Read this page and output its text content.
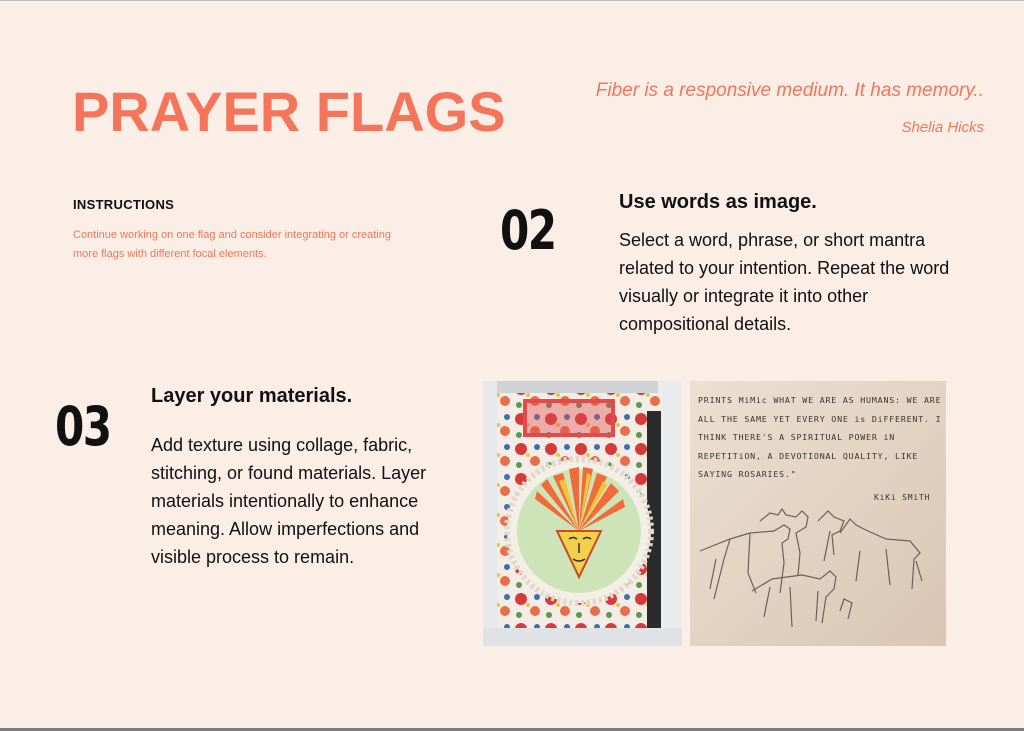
PRAYER FLAGS	Fiber is a responsive medium. It has memory..
Shelia Hicks
INSTRUCTIONS
Continue working on one flag and consider integrating or creating more flags with different focal elements.	02	Use words as image.
Select a word, phrase, or short mantra related to your intention. Repeat the word visually or integrate it into other compositional details.
03 Layer your materials.
Add texture using collage, fabric, stitching, or found materials. Layer materials intentionally to enhance meaning. Allow imperfections and visible process to remain.
PRINTS MiMic WHAT WE ARE AS HUMANS: WE ARE ALL THE SAME YET EVERY ONE is DiFFERENT. I THINK THERE'S A SPIRITUAL POWER iN REPETITiON, A DEVOTIONAL QUALITY, LIKE SAYING ROSARIES."
KiKi SMiTH
